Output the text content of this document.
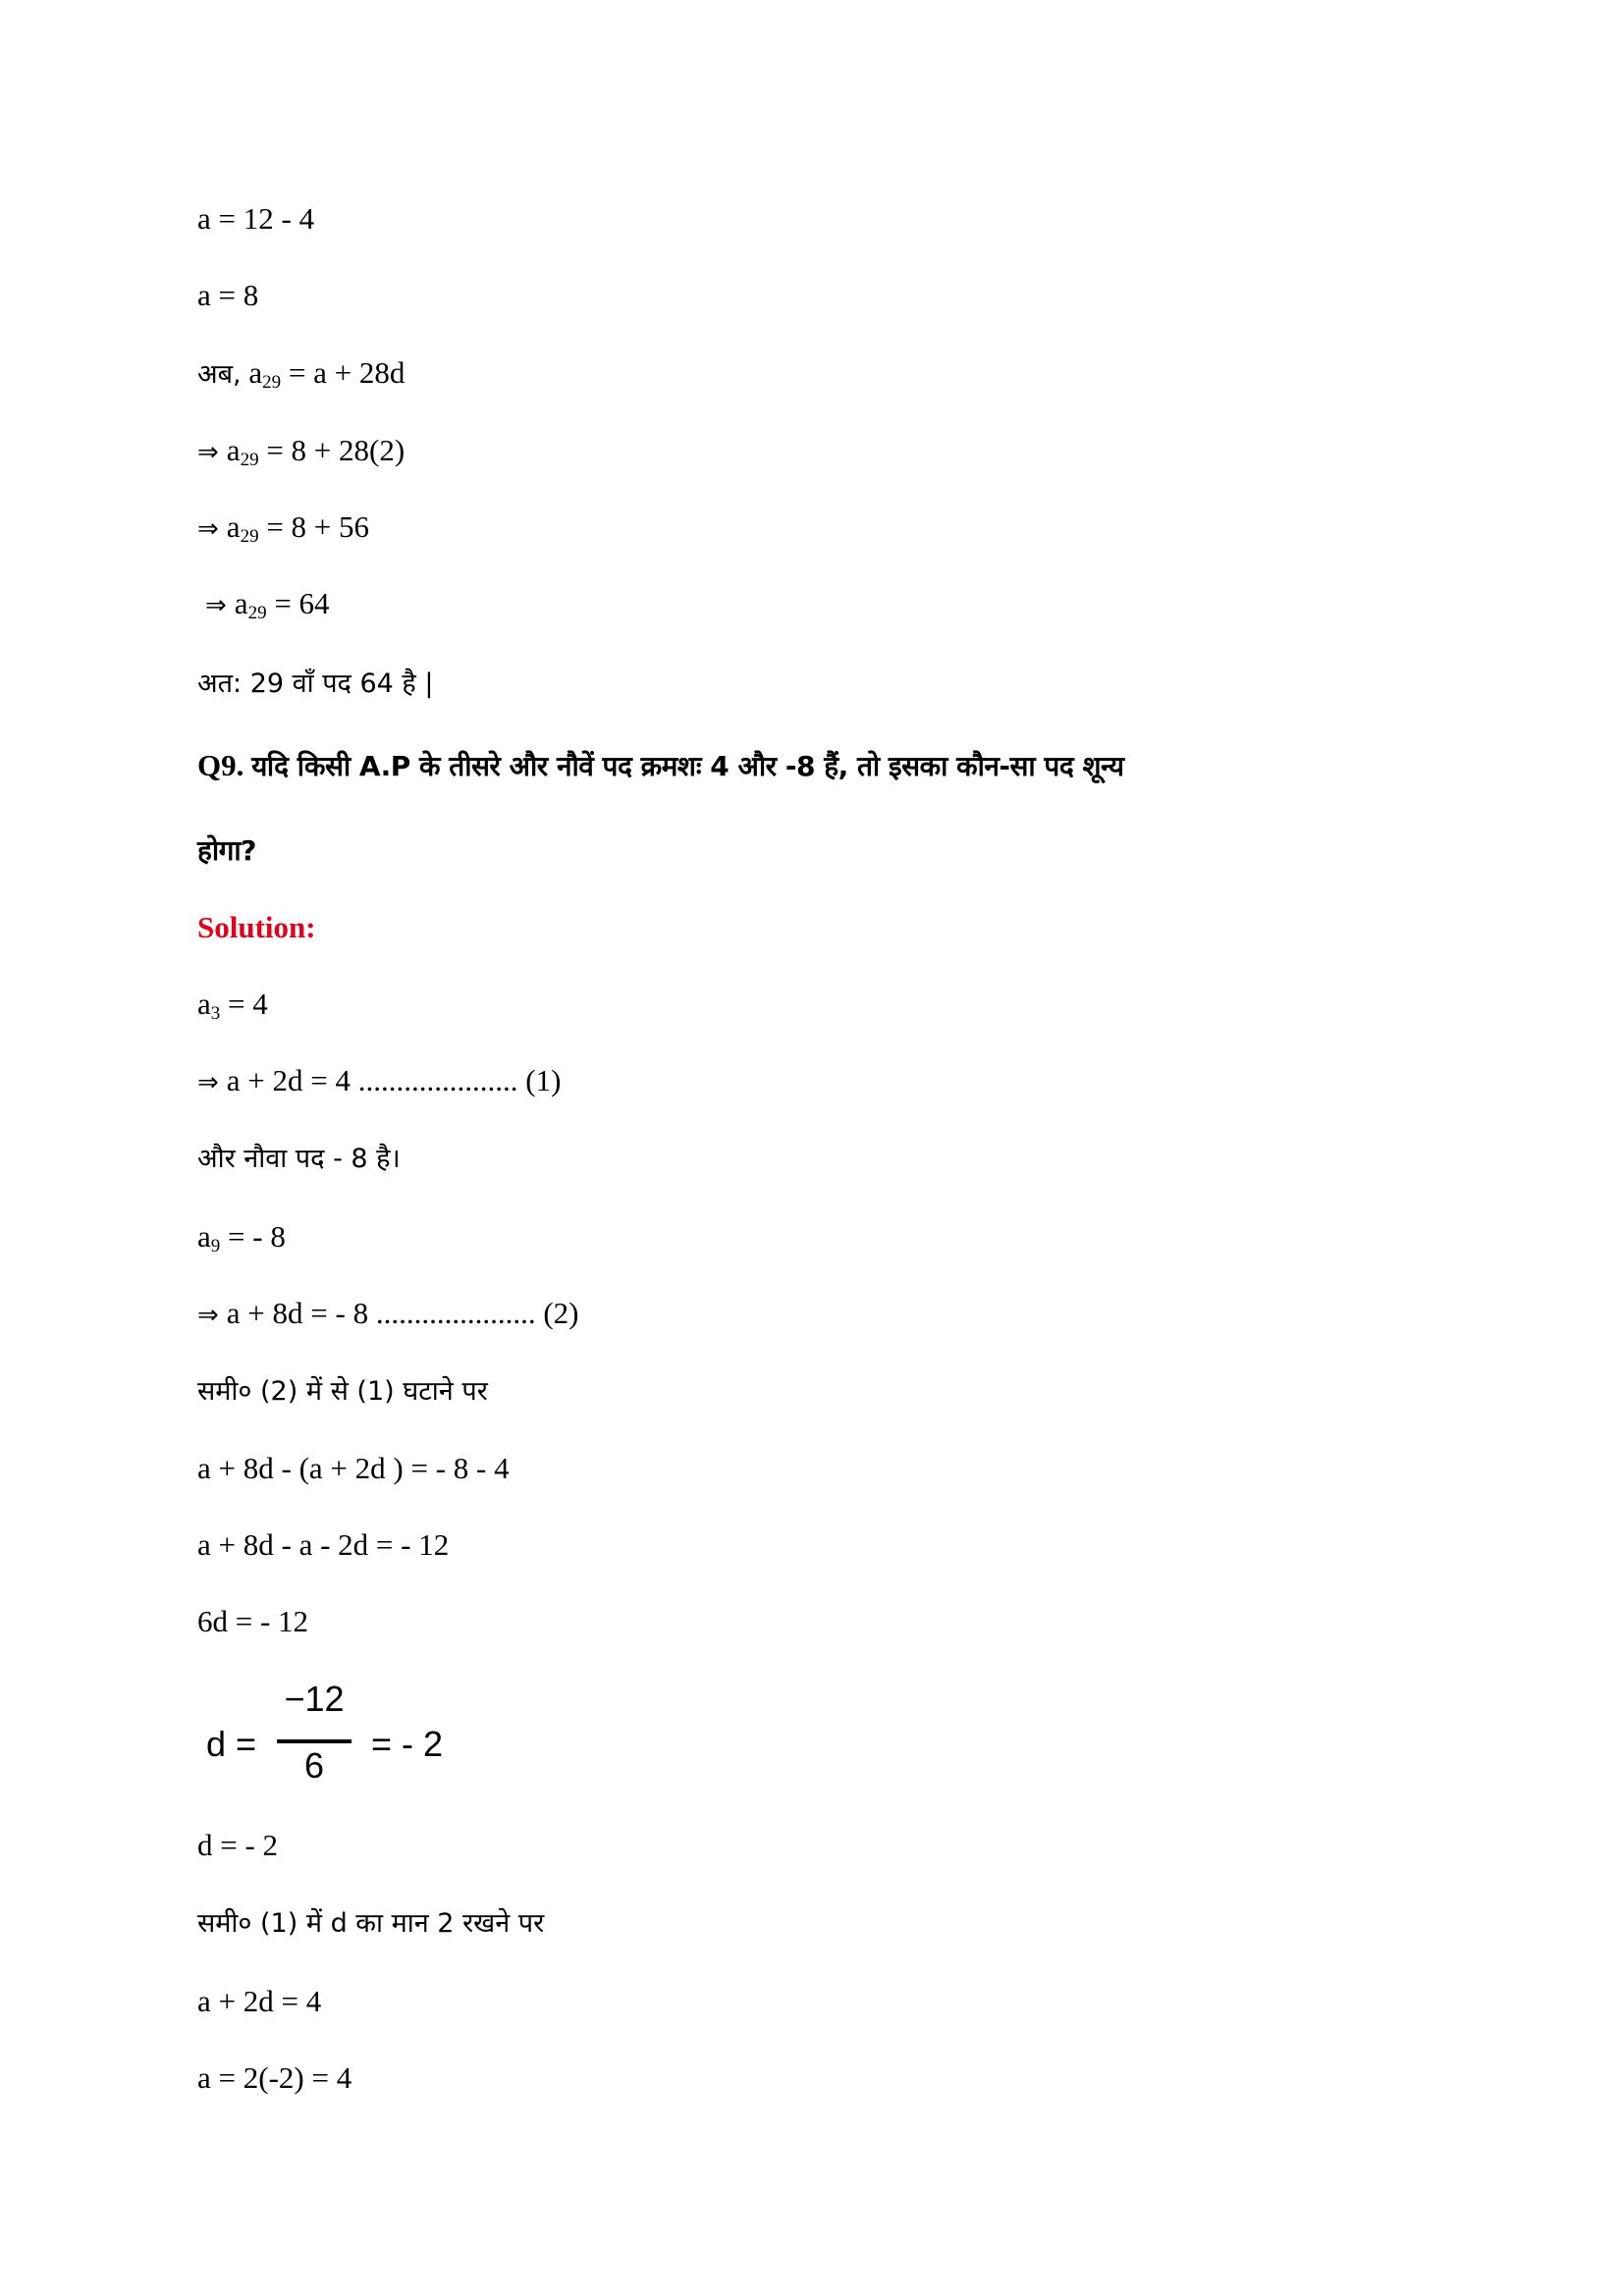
a = 12 - 4
a = 8
अब, $a_{29} = a + 28d$
⇒ $a_{29} = 8 + 28(2)$
⇒ $a_{29} = 8 + 56$
⇒ $a_{29} = 64$
अत: 29 वाँ पद 64 है |
Q9. यदि किसी A.P के तीसरे और नौवें पद क्रमशः 4 और -8 हैं, तो इसका कौन-सा पद शून्य
होगा?
Solution:
$a_3 = 4$
⇒ a + 2d = 4 ..................... (1)
और नौवा पद - 8 है।
$a_9$ = - 8
⇒ a + 8d = - 8 ..................... (2)
समी० (2) में से (1) घटाने पर
a + 8d - (a + 2d ) = - 8 - 4
a + 8d - a - 2d = - 12
6d = - 12
d =
−12
6
= - 2
d = - 2
समी० (1) में d का मान 2 रखने पर
a + 2d = 4
a = 2(-2) = 4
